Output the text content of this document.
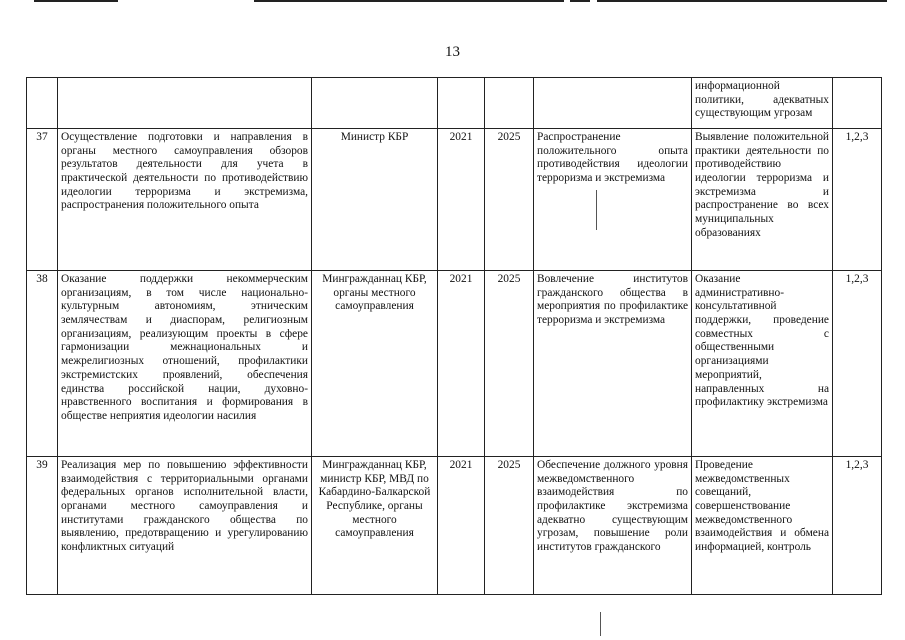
13
						информационной политики, адекватных существующим угрозам	
37	Осуществление подготовки и направления в органы местного самоуправления обзоров результатов деятельности для учета в практической деятельности по противодействию идеологии терроризма и экстремизма, распространения положительного опыта	Министр КБР	2021	2025	Распространение положительного опыта противодействия идеологии терроризма и экстремизма	Выявление положительной практики деятельности по противодействию идеологии терроризма и экстремизма и распространение во всех муниципальных образованиях	1,2,3
38	Оказание поддержки некоммерческим организациям, в том числе национально-культурным автономиям, этническим землячествам и диаспорам, религиозным организациям, реализующим проекты в сфере гармонизации межнациональных и межрелигиозных отношений, профилактики экстремистских проявлений, обеспечения единства российской нации, духовно-нравственного воспитания и формирования в обществе неприятия идеологии насилия	Мингражданнац КБР, органы местного самоуправления	2021	2025	Вовлечение институтов гражданского общества в мероприятия по профилактике терроризма и экстремизма	Оказание административно-консультативной поддержки, проведение совместных с общественными организациями мероприятий, направленных на профилактику экстремизма	1,2,3
39	Реализация мер по повышению эффективности взаимодействия с территориальными органами федеральных органов исполнительной власти, органами местного самоуправления и институтами гражданского общества по выявлению, предотвращению и урегулированию конфликтных ситуаций	Мингражданнац КБР, министр КБР, МВД по Кабардино-Балкарской Республике, органы местного самоуправления	2021	2025	Обеспечение должного уровня межведомственного взаимодействия по профилактике экстремизма адекватно существующим угрозам, повышение роли институтов гражданского	Проведение межведомственных совещаний, совершенствование межведомственного взаимодействия и обмена информацией, контроль	1,2,3
